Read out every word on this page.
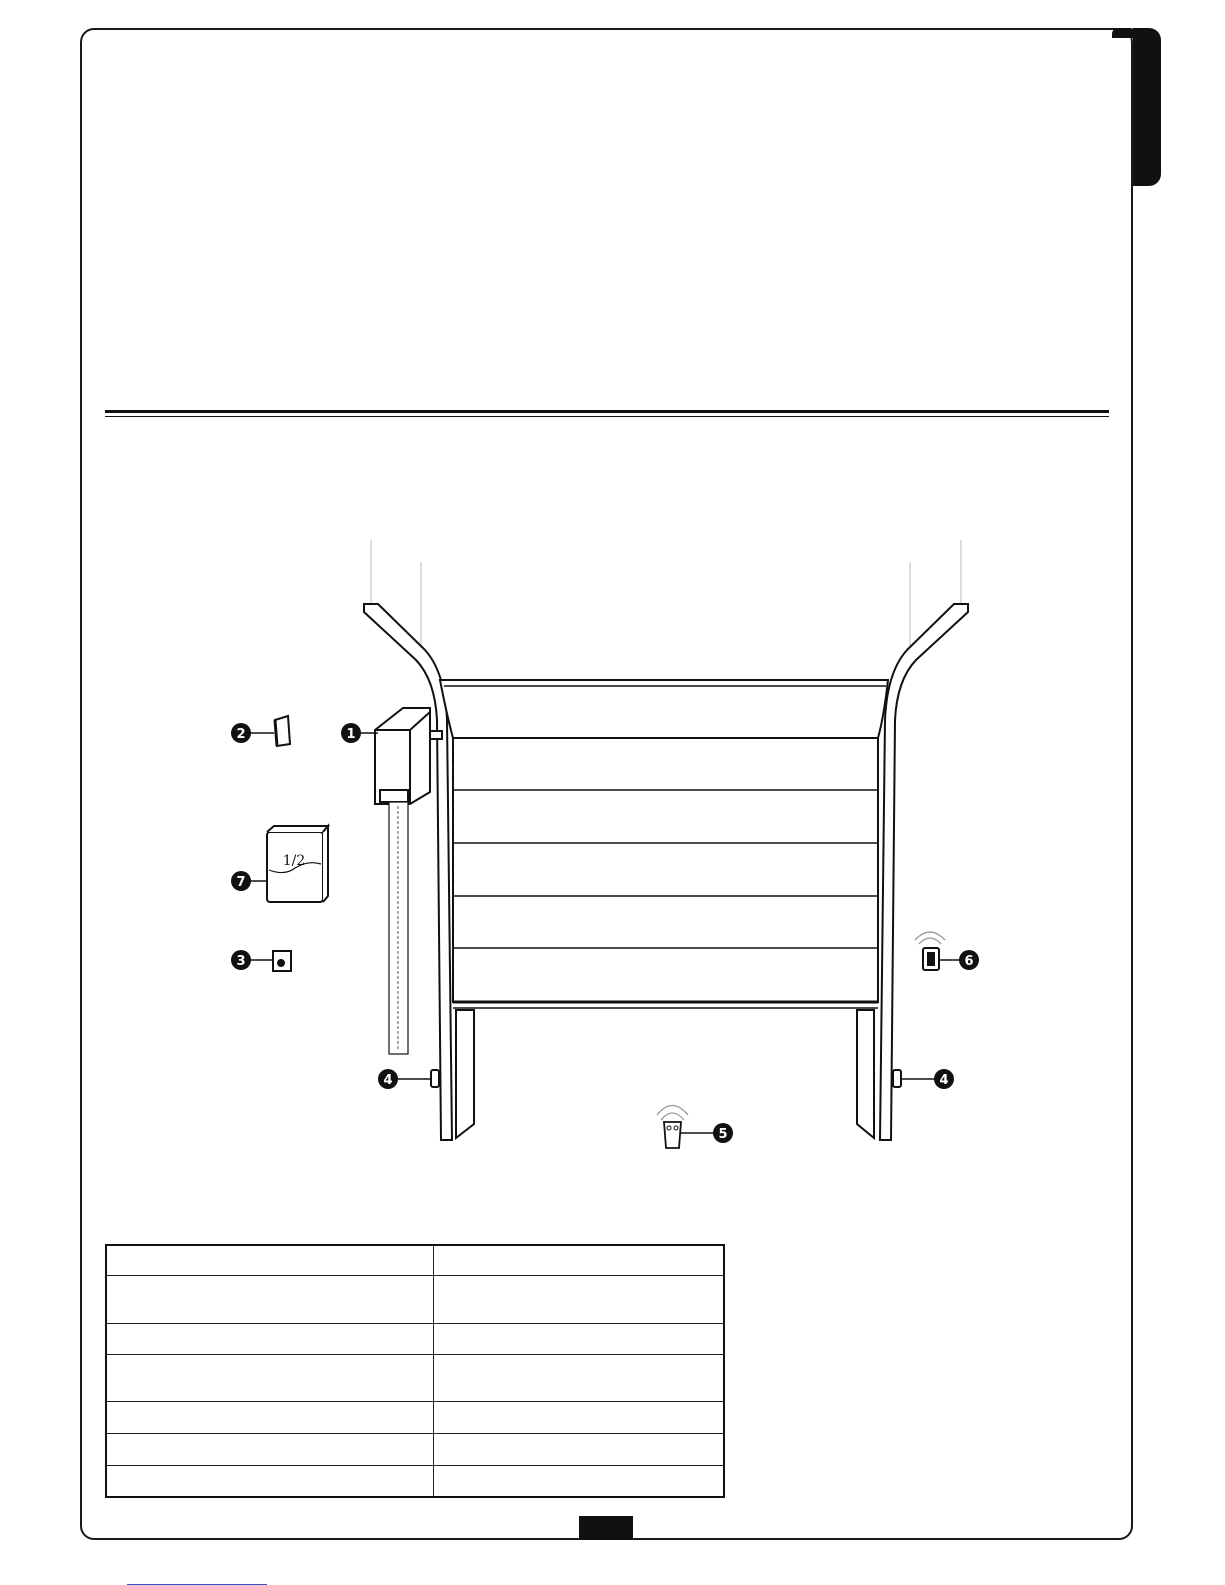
1/2
1
2
3
4	4
5
6
7
